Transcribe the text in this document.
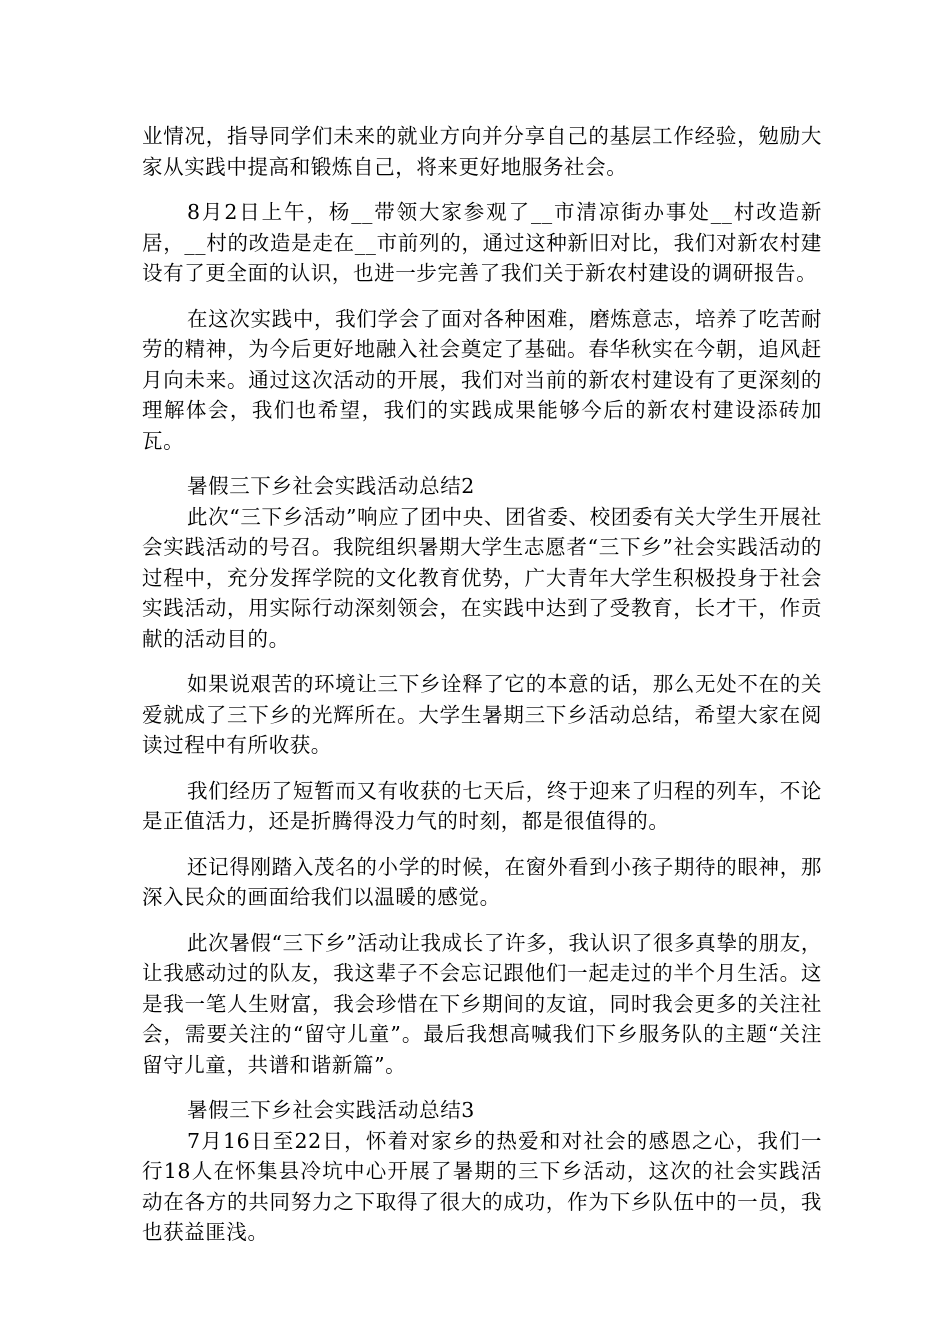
业情况，指导同学们未来的就业方向并分享自己的基层工作经验，勉励大家从实践中提高和锻炼自己，将来更好地服务社会。

8月2日上午，杨__带领大家参观了__市清凉街办事处__村改造新居，__村的改造是走在__市前列的，通过这种新旧对比，我们对新农村建设有了更全面的认识，也进一步完善了我们关于新农村建设的调研报告。

在这次实践中，我们学会了面对各种困难，磨炼意志，培养了吃苦耐劳的精神，为今后更好地融入社会奠定了基础。春华秋实在今朝，追风赶月向未来。通过这次活动的开展，我们对当前的新农村建设有了更深刻的理解体会，我们也希望，我们的实践成果能够今后的新农村建设添砖加瓦。

暑假三下乡社会实践活动总结2

此次“三下乡活动”响应了团中央、团省委、校团委有关大学生开展社会实践活动的号召。我院组织暑期大学生志愿者“三下乡”社会实践活动的过程中，充分发挥学院的文化教育优势，广大青年大学生积极投身于社会实践活动，用实际行动深刻领会，在实践中达到了受教育，长才干，作贡献的活动目的。

如果说艰苦的环境让三下乡诠释了它的本意的话，那么无处不在的关爱就成了三下乡的光辉所在。大学生暑期三下乡活动总结，希望大家在阅读过程中有所收获。

我们经历了短暂而又有收获的七天后，终于迎来了归程的列车，不论是正值活力，还是折腾得没力气的时刻，都是很值得的。

还记得刚踏入茂名的小学的时候，在窗外看到小孩子期待的眼神，那深入民众的画面给我们以温暖的感觉。

此次暑假“三下乡”活动让我成长了许多，我认识了很多真挚的朋友，让我感动过的队友，我这辈子不会忘记跟他们一起走过的半个月生活。这是我一笔人生财富，我会珍惜在下乡期间的友谊，同时我会更多的关注社会，需要关注的“留守儿童”。最后我想高喊我们下乡服务队的主题“关注留守儿童，共谱和谐新篇”。

暑假三下乡社会实践活动总结3

7月16日至22日，怀着对家乡的热爱和对社会的感恩之心，我们一行18人在怀集县冷坑中心开展了暑期的三下乡活动，这次的社会实践活动在各方的共同努力之下取得了很大的成功，作为下乡队伍中的一员，我也获益匪浅。
